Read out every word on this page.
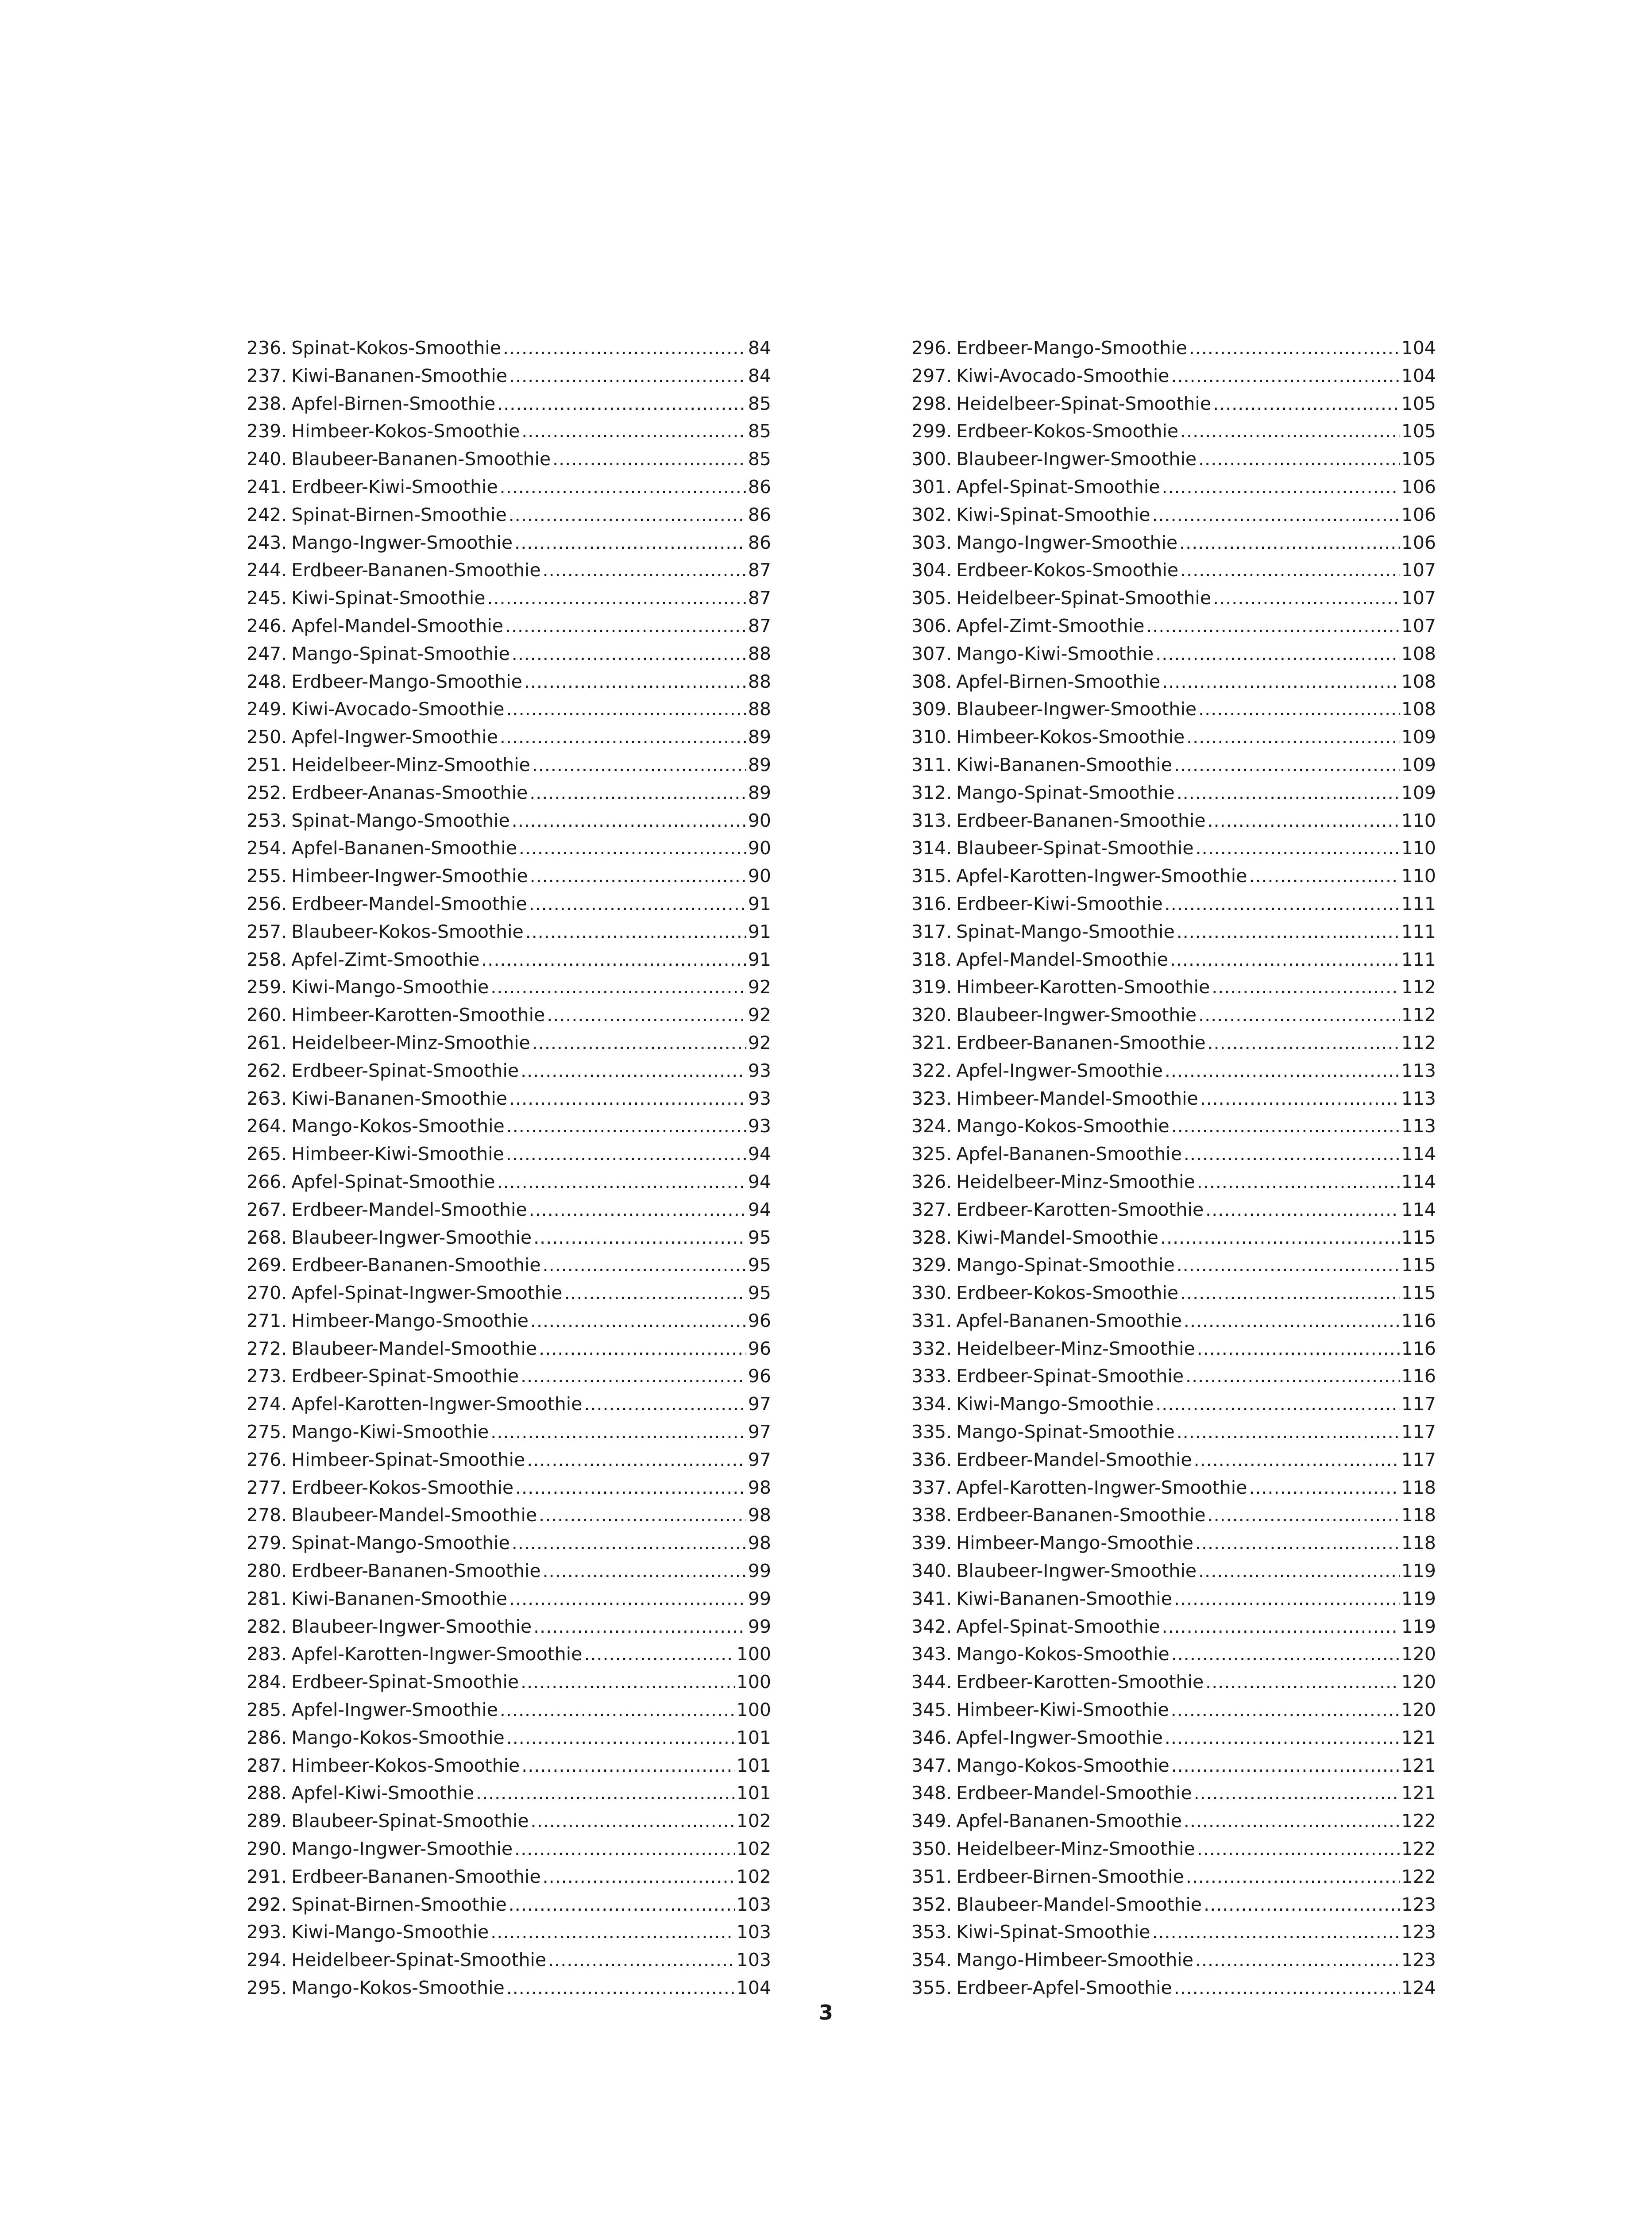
236. Spinat-Kokos-Smoothie .....	84
237. Kiwi-Bananen-Smoothie .....	84
238. Apfel-Birnen-Smoothie .....	85
239. Himbeer-Kokos-Smoothie .....	85
240. Blaubeer-Bananen-Smoothie .....	85
241. Erdbeer-Kiwi-Smoothie .....	86
242. Spinat-Birnen-Smoothie .....	86
243. Mango-Ingwer-Smoothie .....	86
244. Erdbeer-Bananen-Smoothie .....	87
245. Kiwi-Spinat-Smoothie .....	87
246. Apfel-Mandel-Smoothie .....	87
247. Mango-Spinat-Smoothie .....	88
248. Erdbeer-Mango-Smoothie .....	88
249. Kiwi-Avocado-Smoothie .....	88
250. Apfel-Ingwer-Smoothie .....	89
251. Heidelbeer-Minz-Smoothie .....	89
252. Erdbeer-Ananas-Smoothie .....	89
253. Spinat-Mango-Smoothie .....	90
254. Apfel-Bananen-Smoothie .....	90
255. Himbeer-Ingwer-Smoothie .....	90
256. Erdbeer-Mandel-Smoothie .....	91
257. Blaubeer-Kokos-Smoothie .....	91
258. Apfel-Zimt-Smoothie .....	91
259. Kiwi-Mango-Smoothie .....	92
260. Himbeer-Karotten-Smoothie .....	92
261. Heidelbeer-Minz-Smoothie .....	92
262. Erdbeer-Spinat-Smoothie .....	93
263. Kiwi-Bananen-Smoothie .....	93
264. Mango-Kokos-Smoothie .....	93
265. Himbeer-Kiwi-Smoothie .....	94
266. Apfel-Spinat-Smoothie .....	94
267. Erdbeer-Mandel-Smoothie .....	94
268. Blaubeer-Ingwer-Smoothie .....	95
269. Erdbeer-Bananen-Smoothie .....	95
270. Apfel-Spinat-Ingwer-Smoothie .....	95
271. Himbeer-Mango-Smoothie .....	96
272. Blaubeer-Mandel-Smoothie .....	96
273. Erdbeer-Spinat-Smoothie .....	96
274. Apfel-Karotten-Ingwer-Smoothie .....	97
275. Mango-Kiwi-Smoothie .....	97
276. Himbeer-Spinat-Smoothie .....	97
277. Erdbeer-Kokos-Smoothie .....	98
278. Blaubeer-Mandel-Smoothie .....	98
279. Spinat-Mango-Smoothie .....	98
280. Erdbeer-Bananen-Smoothie .....	99
281. Kiwi-Bananen-Smoothie .....	99
282. Blaubeer-Ingwer-Smoothie .....	99
283. Apfel-Karotten-Ingwer-Smoothie .....	100
284. Erdbeer-Spinat-Smoothie .....	100
285. Apfel-Ingwer-Smoothie .....	100
286. Mango-Kokos-Smoothie .....	101
287. Himbeer-Kokos-Smoothie .....	101
288. Apfel-Kiwi-Smoothie .....	101
289. Blaubeer-Spinat-Smoothie .....	102
290. Mango-Ingwer-Smoothie .....	102
291. Erdbeer-Bananen-Smoothie .....	102
292. Spinat-Birnen-Smoothie .....	103
293. Kiwi-Mango-Smoothie .....	103
294. Heidelbeer-Spinat-Smoothie .....	103
295. Mango-Kokos-Smoothie .....	104
296. Erdbeer-Mango-Smoothie .....	104
297. Kiwi-Avocado-Smoothie .....	104
298. Heidelbeer-Spinat-Smoothie .....	105
299. Erdbeer-Kokos-Smoothie .....	105
300. Blaubeer-Ingwer-Smoothie .....	105
301. Apfel-Spinat-Smoothie .....	106
302. Kiwi-Spinat-Smoothie .....	106
303. Mango-Ingwer-Smoothie .....	106
304. Erdbeer-Kokos-Smoothie .....	107
305. Heidelbeer-Spinat-Smoothie .....	107
306. Apfel-Zimt-Smoothie .....	107
307. Mango-Kiwi-Smoothie .....	108
308. Apfel-Birnen-Smoothie .....	108
309. Blaubeer-Ingwer-Smoothie .....	108
310. Himbeer-Kokos-Smoothie .....	109
311. Kiwi-Bananen-Smoothie .....	109
312. Mango-Spinat-Smoothie .....	109
313. Erdbeer-Bananen-Smoothie .....	110
314. Blaubeer-Spinat-Smoothie .....	110
315. Apfel-Karotten-Ingwer-Smoothie .....	110
316. Erdbeer-Kiwi-Smoothie .....	111
317. Spinat-Mango-Smoothie .....	111
318. Apfel-Mandel-Smoothie .....	111
319. Himbeer-Karotten-Smoothie .....	112
320. Blaubeer-Ingwer-Smoothie .....	112
321. Erdbeer-Bananen-Smoothie .....	112
322. Apfel-Ingwer-Smoothie .....	113
323. Himbeer-Mandel-Smoothie .....	113
324. Mango-Kokos-Smoothie .....	113
325. Apfel-Bananen-Smoothie .....	114
326. Heidelbeer-Minz-Smoothie .....	114
327. Erdbeer-Karotten-Smoothie .....	114
328. Kiwi-Mandel-Smoothie .....	115
329. Mango-Spinat-Smoothie .....	115
330. Erdbeer-Kokos-Smoothie .....	115
331. Apfel-Bananen-Smoothie .....	116
332. Heidelbeer-Minz-Smoothie .....	116
333. Erdbeer-Spinat-Smoothie .....	116
334. Kiwi-Mango-Smoothie .....	117
335. Mango-Spinat-Smoothie .....	117
336. Erdbeer-Mandel-Smoothie .....	117
337. Apfel-Karotten-Ingwer-Smoothie .....	118
338. Erdbeer-Bananen-Smoothie .....	118
339. Himbeer-Mango-Smoothie .....	118
340. Blaubeer-Ingwer-Smoothie .....	119
341. Kiwi-Bananen-Smoothie .....	119
342. Apfel-Spinat-Smoothie .....	119
343. Mango-Kokos-Smoothie .....	120
344. Erdbeer-Karotten-Smoothie .....	120
345. Himbeer-Kiwi-Smoothie .....	120
346. Apfel-Ingwer-Smoothie .....	121
347. Mango-Kokos-Smoothie .....	121
348. Erdbeer-Mandel-Smoothie .....	121
349. Apfel-Bananen-Smoothie .....	122
350. Heidelbeer-Minz-Smoothie .....	122
351. Erdbeer-Birnen-Smoothie .....	122
352. Blaubeer-Mandel-Smoothie .....	123
353. Kiwi-Spinat-Smoothie .....	123
354. Mango-Himbeer-Smoothie .....	123
355. Erdbeer-Apfel-Smoothie .....	124
3
